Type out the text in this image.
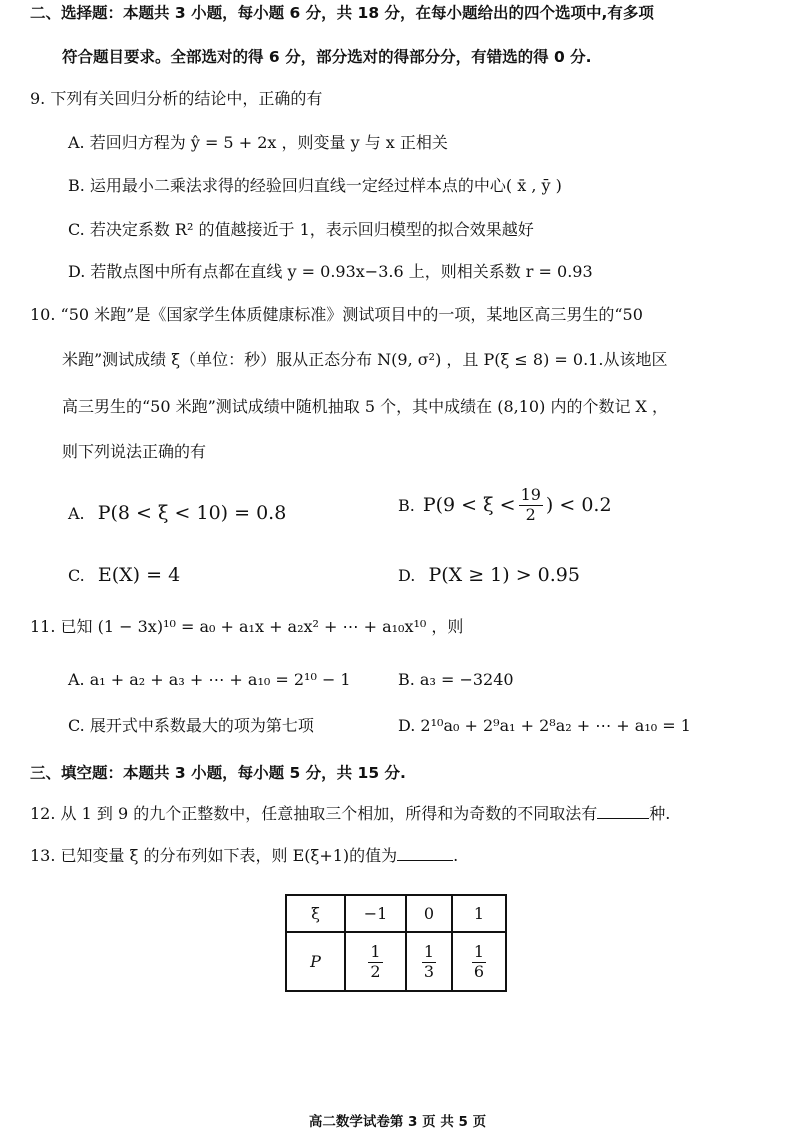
二、选择题：本题共 3 小题，每小题 6 分，共 18 分，在每小题给出的四个选项中,有多项
符合题目要求。全部选对的得 6 分，部分选对的得部分分，有错选的得 0 分.
9. 下列有关回归分析的结论中，正确的有
A. 若回归方程为 ŷ = 5 + 2x ，则变量 y 与 x 正相关
B. 运用最小二乘法求得的经验回归直线一定经过样本点的中心( x̄ , ȳ )
C. 若决定系数 R² 的值越接近于 1，表示回归模型的拟合效果越好
D. 若散点图中所有点都在直线 y = 0.93x−3.6 上，则相关系数 r = 0.93
10. “50 米跑”是《国家学生体质健康标准》测试项目中的一项，某地区高三男生的“50
米跑”测试成绩 ξ（单位：秒）服从正态分布 N(9, σ²) ，且 P(ξ ≤ 8) = 0.1.从该地区
高三男生的“50 米跑”测试成绩中随机抽取 5 个，其中成绩在 (8,10) 内的个数记 X ，
则下列说法正确的有
A. P(8 < ξ < 10) = 0.8	B. $P(9 < \xi < \frac{19}{2}$ ) < 0.2
C. E(X) = 4	D. P(X ≥ 1) > 0.95
11. 已知 (1 − 3x)¹⁰ = a₀ + a₁x + a₂x² + ⋯ + a₁₀x¹⁰ ，则
A. a₁ + a₂ + a₃ + ⋯ + a₁₀ = 2¹⁰ − 1	B. a₃ = −3240
C. 展开式中系数最大的项为第七项	D. 2¹⁰a₀ + 2⁹a₁ + 2⁸a₂ + ⋯ + a₁₀ = 1
三、填空题：本题共 3 小题，每小题 5 分，共 15 分.
12. 从 1 到 9 的九个正整数中，任意抽取三个相加，所得和为奇数的不同取法有	种.
13. 已知变量 ξ 的分布列如下表，则 E(ξ+1)的值为	.
ξ	−1	0	1
P	$\frac{1}{2}$	$\frac{1}{3}$	$\frac{1}{6}$
高二数学试卷第 3 页 共 5 页
